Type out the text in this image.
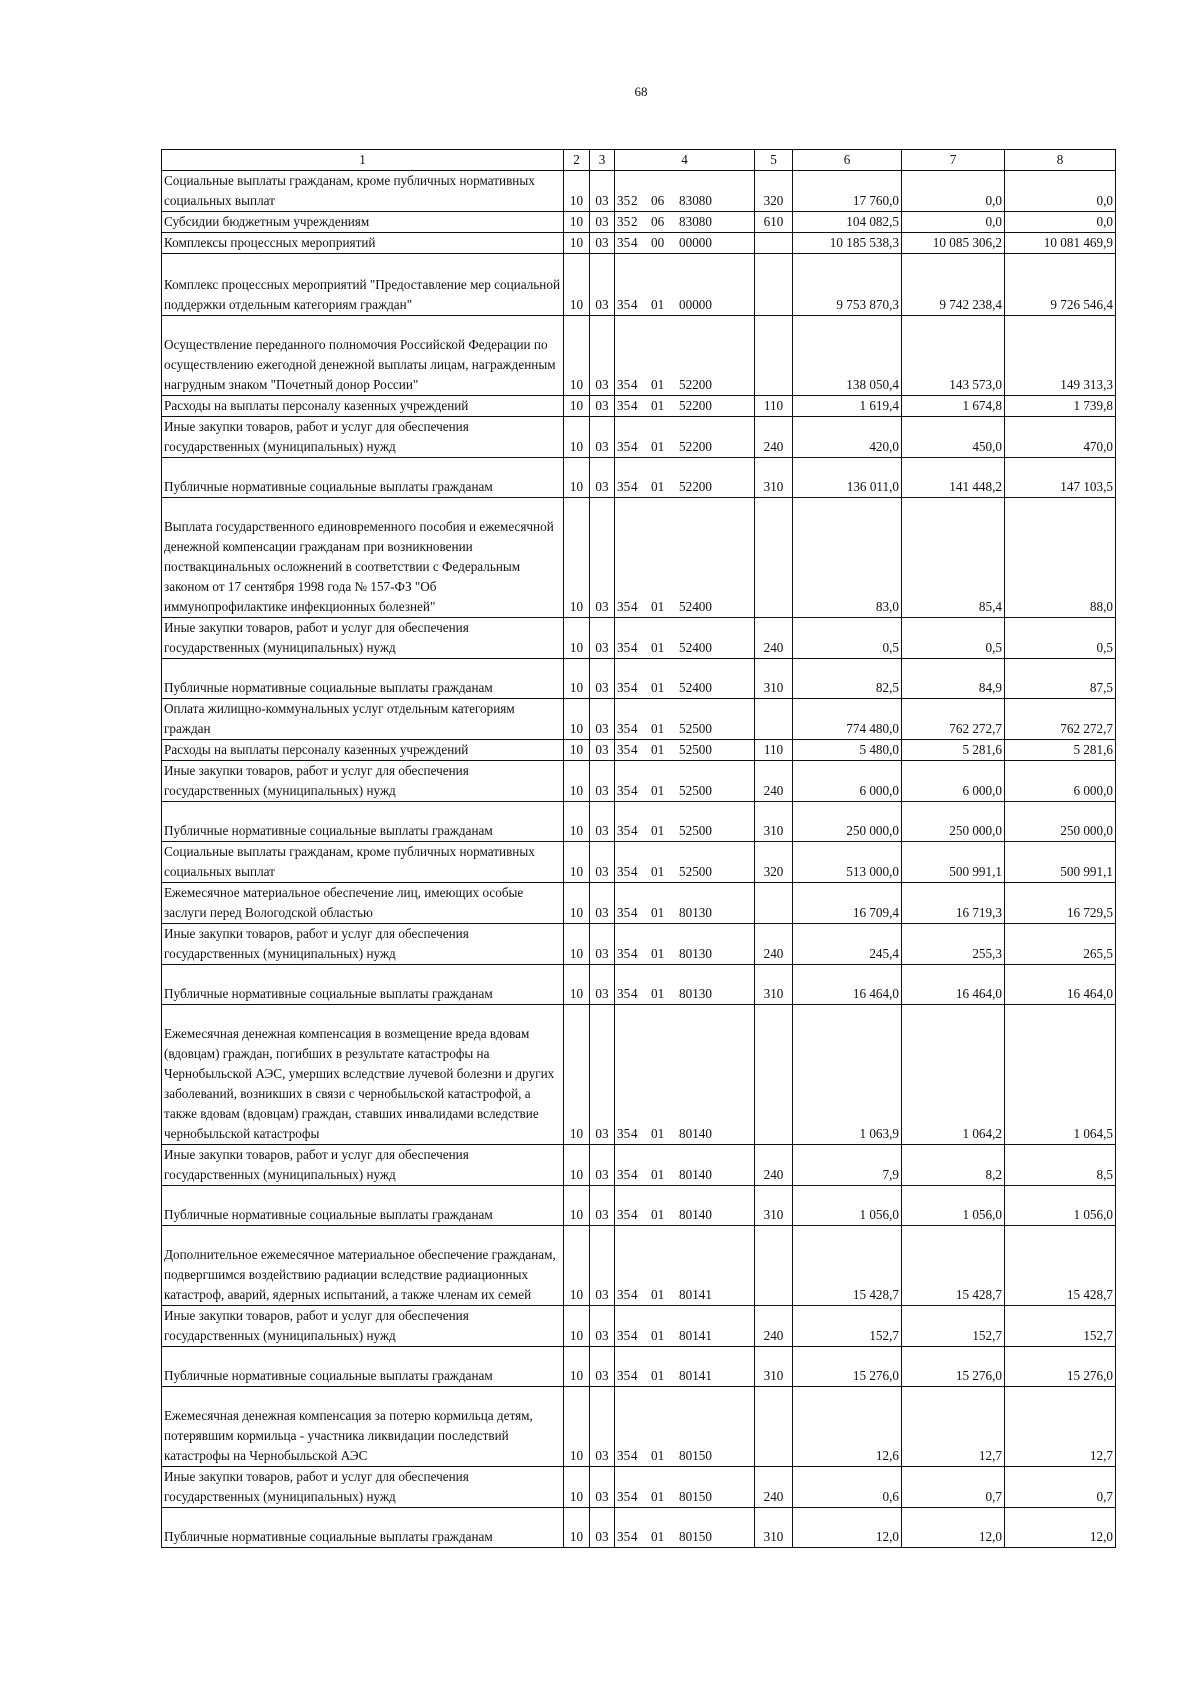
68
1	2	3	4	5	6	7	8
Социальные выплаты гражданам, кроме публичных нормативных социальных выплат	10	03	352 06 83080	320	17 760,0	0,0	0,0
Субсидии бюджетным учреждениям	10	03	352 06 83080	610	104 082,5	0,0	0,0
Комплексы процессных мероприятий	10	03	354 00 00000		10 185 538,3	10 085 306,2	10 081 469,9
Комплекс процессных мероприятий "Предоставление мер социальной поддержки отдельным категориям граждан"	10	03	354 01 00000		9 753 870,3	9 742 238,4	9 726 546,4
Осуществление переданного полномочия Российской Федерации по осуществлению ежегодной денежной выплаты лицам, награжденным нагрудным знаком "Почетный донор России"	10	03	354 01 52200		138 050,4	143 573,0	149 313,3
Расходы на выплаты персоналу казенных учреждений	10	03	354 01 52200	110	1 619,4	1 674,8	1 739,8
Иные закупки товаров, работ и услуг для обеспечения государственных (муниципальных) нужд	10	03	354 01 52200	240	420,0	450,0	470,0
Публичные нормативные социальные выплаты гражданам	10	03	354 01 52200	310	136 011,0	141 448,2	147 103,5
Выплата государственного единовременного пособия и ежемесячной денежной компенсации гражданам при возникновении поствакцинальных осложнений в соответствии с Федеральным законом от 17 сентября 1998 года № 157-ФЗ "Об иммунопрофилактике инфекционных болезней"	10	03	354 01 52400		83,0	85,4	88,0
Иные закупки товаров, работ и услуг для обеспечения государственных (муниципальных) нужд	10	03	354 01 52400	240	0,5	0,5	0,5
Публичные нормативные социальные выплаты гражданам	10	03	354 01 52400	310	82,5	84,9	87,5
Оплата жилищно-коммунальных услуг отдельным категориям граждан	10	03	354 01 52500		774 480,0	762 272,7	762 272,7
Расходы на выплаты персоналу казенных учреждений	10	03	354 01 52500	110	5 480,0	5 281,6	5 281,6
Иные закупки товаров, работ и услуг для обеспечения государственных (муниципальных) нужд	10	03	354 01 52500	240	6 000,0	6 000,0	6 000,0
Публичные нормативные социальные выплаты гражданам	10	03	354 01 52500	310	250 000,0	250 000,0	250 000,0
Социальные выплаты гражданам, кроме публичных нормативных социальных выплат	10	03	354 01 52500	320	513 000,0	500 991,1	500 991,1
Ежемесячное материальное обеспечение лиц, имеющих особые заслуги перед Вологодской областью	10	03	354 01 80130		16 709,4	16 719,3	16 729,5
Иные закупки товаров, работ и услуг для обеспечения государственных (муниципальных) нужд	10	03	354 01 80130	240	245,4	255,3	265,5
Публичные нормативные социальные выплаты гражданам	10	03	354 01 80130	310	16 464,0	16 464,0	16 464,0
Ежемесячная денежная компенсация в возмещение вреда вдовам (вдовцам) граждан, погибших в результате катастрофы на Чернобыльской АЭС, умерших вследствие лучевой болезни и других заболеваний, возникших в связи с чернобыльской катастрофой, а также вдовам (вдовцам) граждан, ставших инвалидами вследствие чернобыльской катастрофы	10	03	354 01 80140		1 063,9	1 064,2	1 064,5
Иные закупки товаров, работ и услуг для обеспечения государственных (муниципальных) нужд	10	03	354 01 80140	240	7,9	8,2	8,5
Публичные нормативные социальные выплаты гражданам	10	03	354 01 80140	310	1 056,0	1 056,0	1 056,0
Дополнительное ежемесячное материальное обеспечение гражданам, подвергшимся воздействию радиации вследствие радиационных катастроф, аварий, ядерных испытаний, а также членам их семей	10	03	354 01 80141		15 428,7	15 428,7	15 428,7
Иные закупки товаров, работ и услуг для обеспечения государственных (муниципальных) нужд	10	03	354 01 80141	240	152,7	152,7	152,7
Публичные нормативные социальные выплаты гражданам	10	03	354 01 80141	310	15 276,0	15 276,0	15 276,0
Ежемесячная денежная компенсация за потерю кормильца детям, потерявшим кормильца - участника ликвидации последствий катастрофы на Чернобыльской АЭС	10	03	354 01 80150		12,6	12,7	12,7
Иные закупки товаров, работ и услуг для обеспечения государственных (муниципальных) нужд	10	03	354 01 80150	240	0,6	0,7	0,7
Публичные нормативные социальные выплаты гражданам	10	03	354 01 80150	310	12,0	12,0	12,0
